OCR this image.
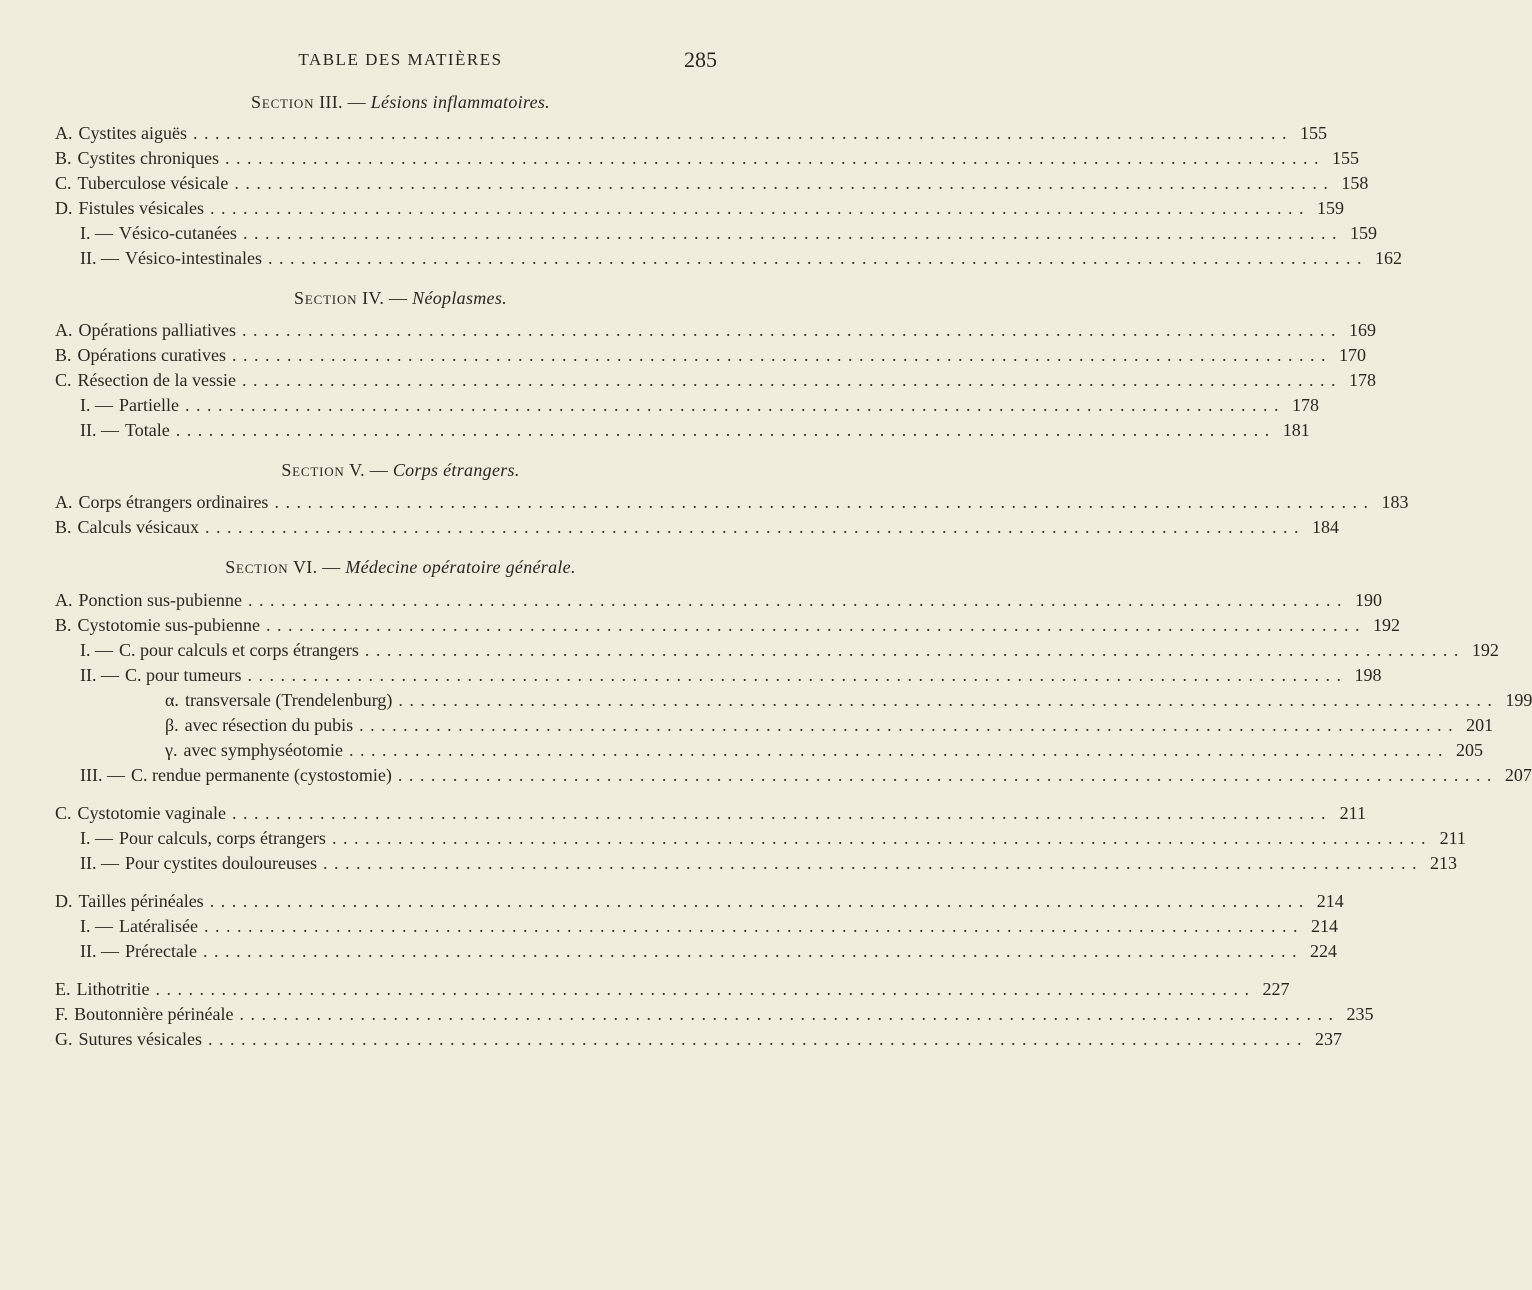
TABLE DES MATIÈRES	285
Section III. — Lésions inflammatoires.
A. Cystites aiguës .................................................................................................... 155
B. Cystites chroniques .................................................................................................... 155
C. Tuberculose vésicale .................................................................................................... 158
D. Fistules vésicales .................................................................................................... 159
I. — Vésico-cutanées .................................................................................................... 159
II. — Vésico-intestinales .................................................................................................... 162
Section IV. — Néoplasmes.
A. Opérations palliatives .................................................................................................... 169
B. Opérations curatives .................................................................................................... 170
C. Résection de la vessie .................................................................................................... 178
I. — Partielle .................................................................................................... 178
II. — Totale .................................................................................................... 181
Section V. — Corps étrangers.
A. Corps étrangers ordinaires .................................................................................................... 183
B. Calculs vésicaux .................................................................................................... 184
Section VI. — Médecine opératoire générale.
A. Ponction sus-pubienne .................................................................................................... 190
B. Cystotomie sus-pubienne .................................................................................................... 192
I. — C. pour calculs et corps étrangers .................................................................................................... 192
II. — C. pour tumeurs .................................................................................................... 198
α. transversale (Trendelenburg) .................................................................................................... 199
β. avec résection du pubis .................................................................................................... 201
γ. avec symphyséotomie .................................................................................................... 205
III. — C. rendue permanente (cystostomie) .................................................................................................... 207
C. Cystotomie vaginale .................................................................................................... 211
I. — Pour calculs, corps étrangers .................................................................................................... 211
II. — Pour cystites douloureuses .................................................................................................... 213
D. Tailles périnéales .................................................................................................... 214
I. — Latéralisée .................................................................................................... 214
II. — Prérectale .................................................................................................... 224
E. Lithotritie .................................................................................................... 227
F. Boutonnière périnéale .................................................................................................... 235
G. Sutures vésicales .................................................................................................... 237
